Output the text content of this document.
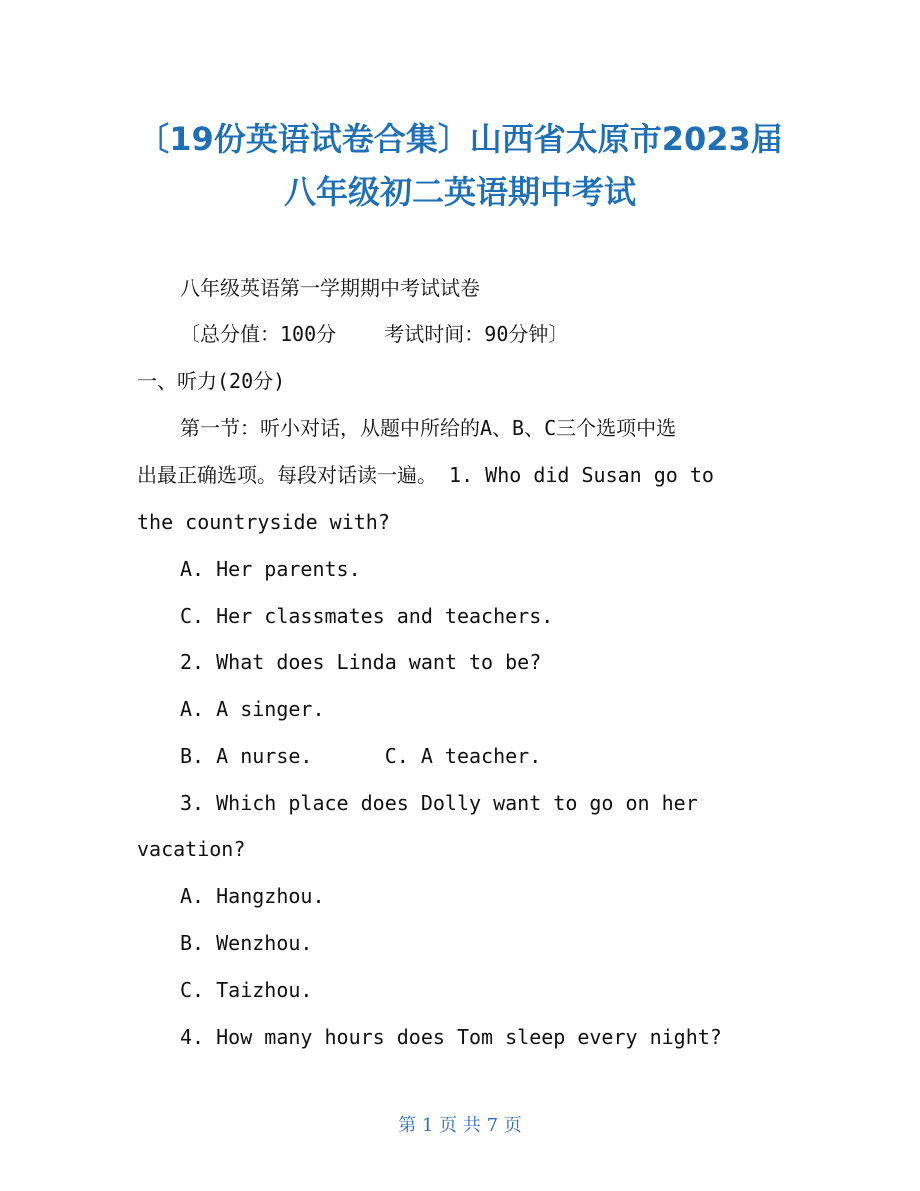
〔19份英语试卷合集〕山西省太原市2023届
八年级初二英语期中考试

八年级英语第一学期期中考试试卷

〔总分值：100分    考试时间：90分钟〕

一、听力(20分)

第一节：听小对话，从题中所给的A、B、C三个选项中选

出最正确选项。每段对话读一遍。 1. Who did Susan go to

the countryside with?

A. Her parents.

C. Her classmates and teachers.

2. What does Linda want to be?

A. A singer.

B. A nurse.      C. A teacher.

3. Which place does Dolly want to go on her

vacation?

A. Hangzhou.

B. Wenzhou.

C. Taizhou.

4. How many hours does Tom sleep every night?

第 1 页 共 7 页
